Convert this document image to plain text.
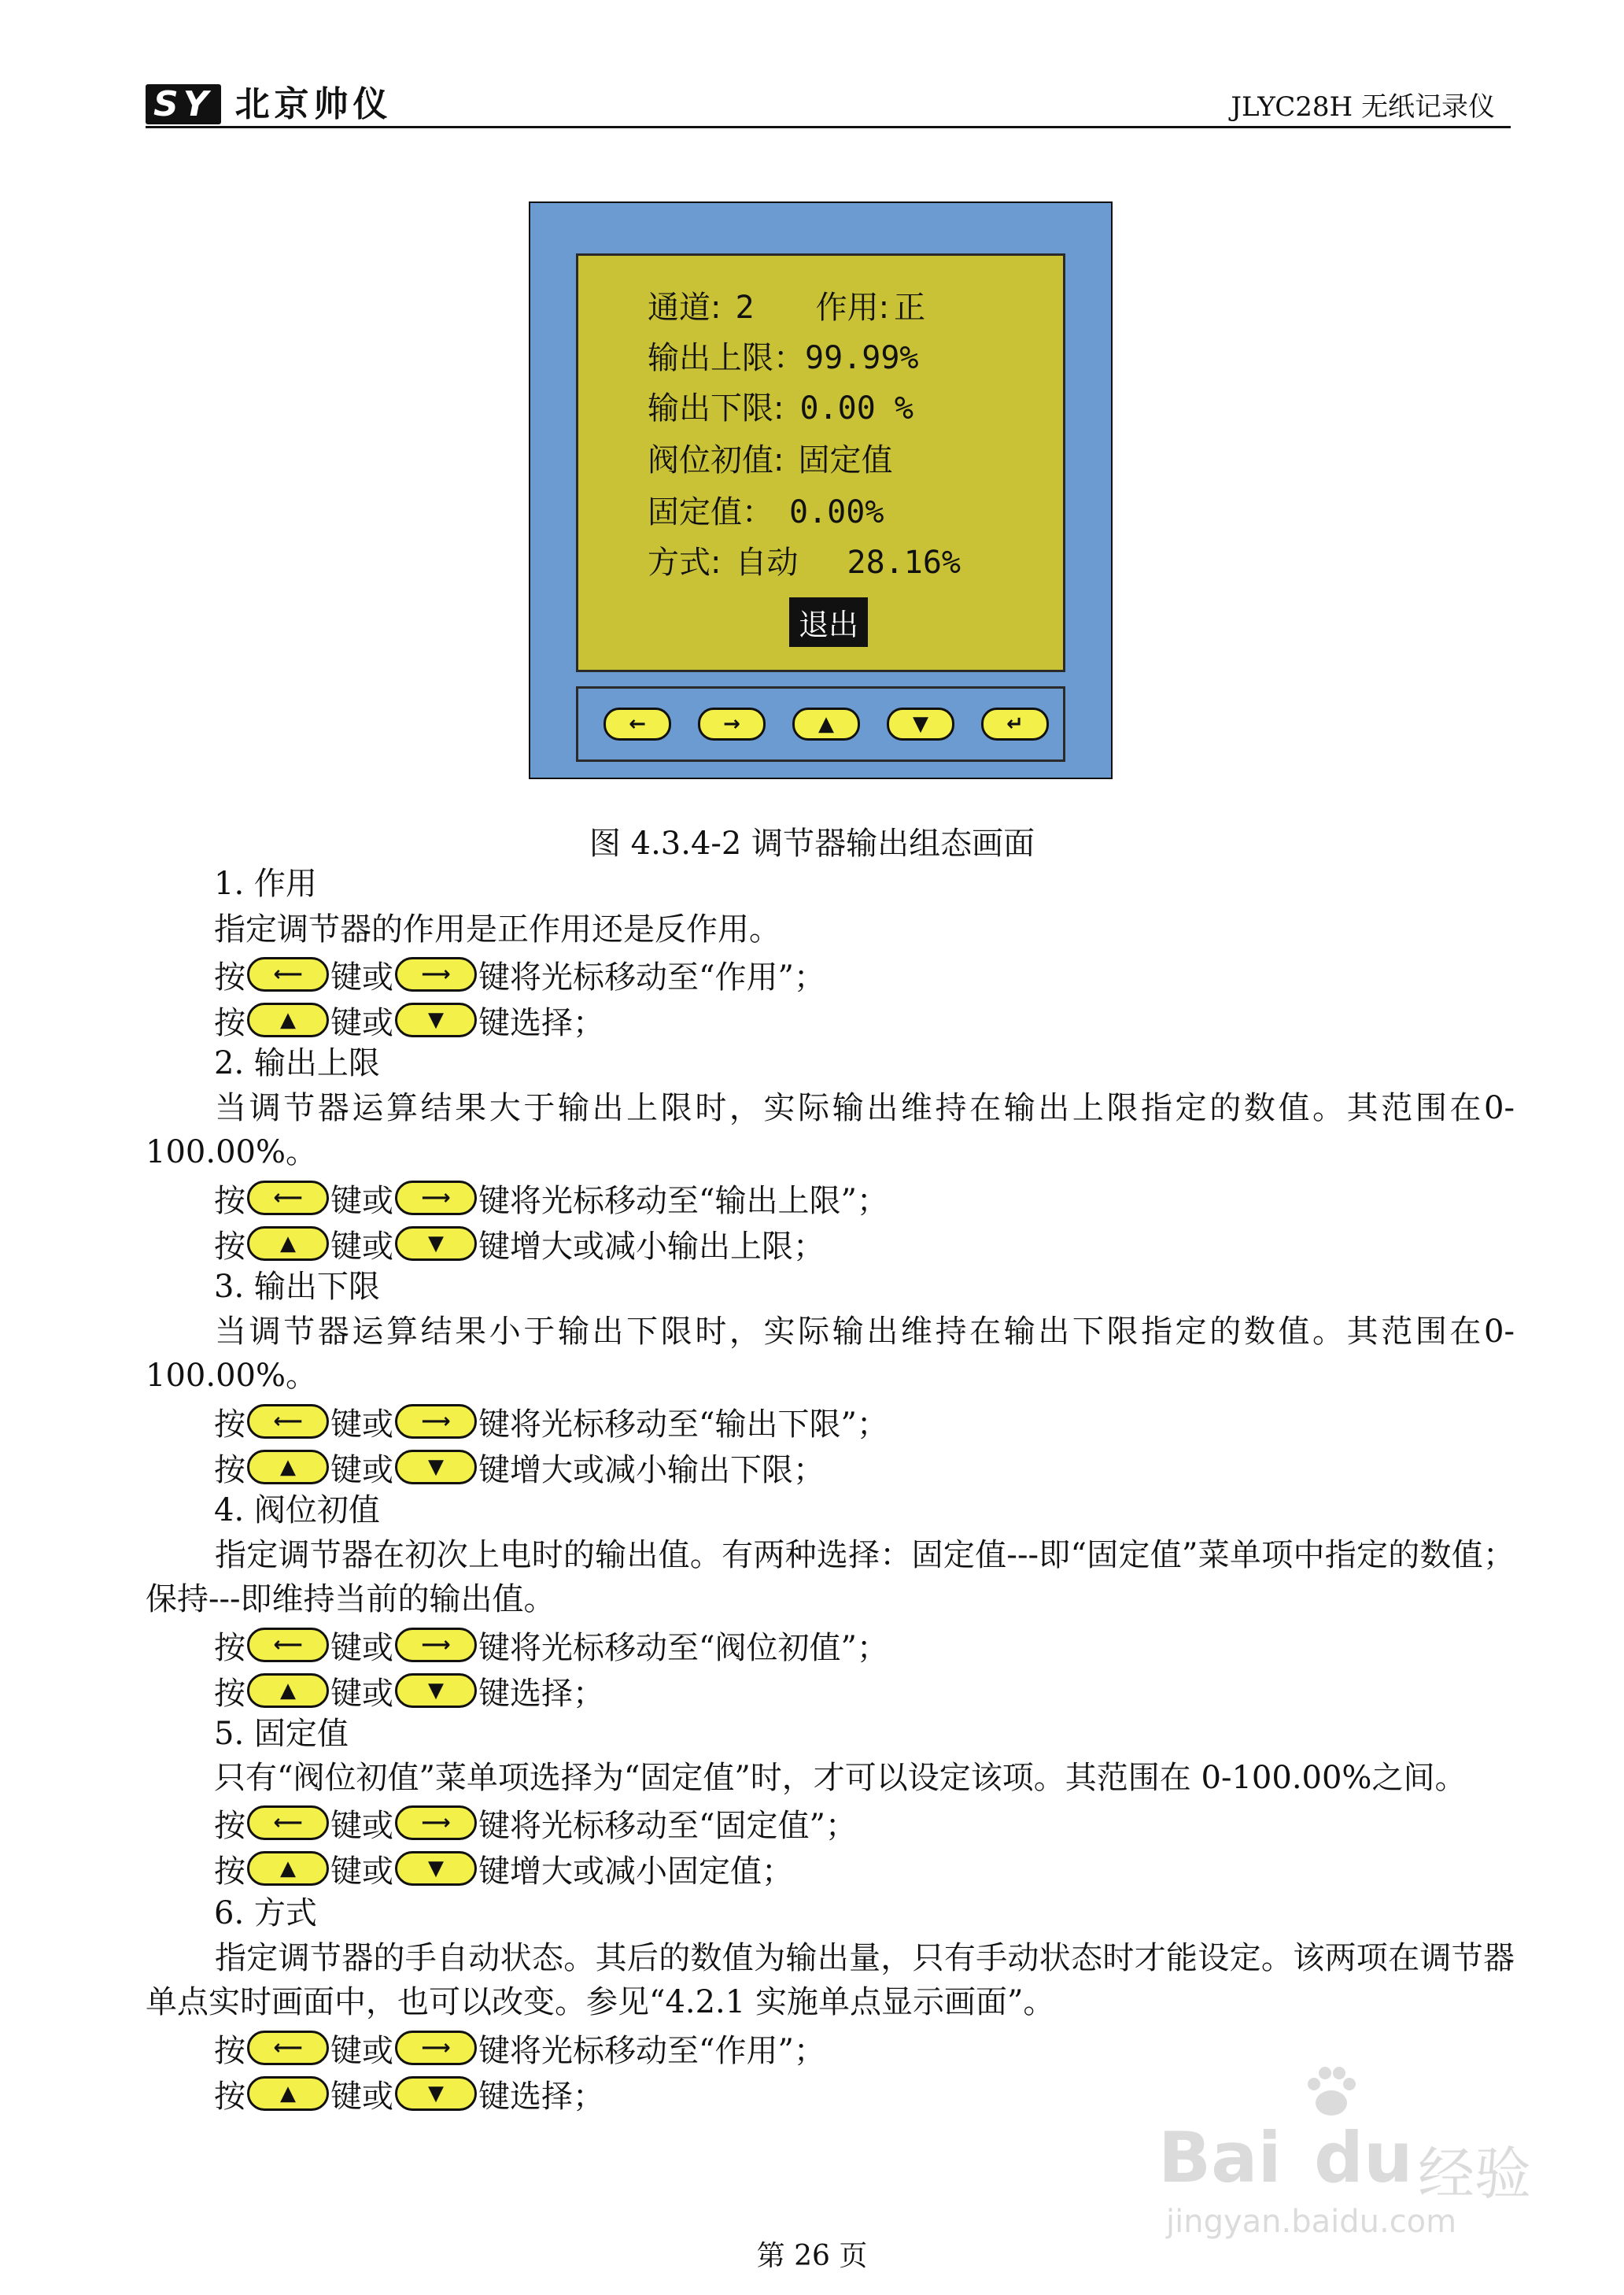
SY 北京帅仪	JLYC28H 无纸记录仪
通道: 2 作用: 正
输出上限：99.99%
输出下限: 0.00 %
阀位初值: 固定值
固定值： 0.00%
方式: 自动 28.16%
退出
←	→	▲	▼	↵
图 4.3.4-2 调节器输出组态画面
1. 作用
指定调节器的作用是正作用还是反作用。
按	⟵ 键或	⟶ 键将光标移动至“作用”；
按	▲	键或	▼	键选择；
2. 输出上限
当调节器运算结果大于输出上限时，实际输出维持在输出上限指定的数值。其范围在0-100.00%。
按	⟵ 键或	⟶ 键将光标移动至“输出上限”；
按	▲	键或	▼	键增大或减小输出上限；
3. 输出下限
当调节器运算结果小于输出下限时，实际输出维持在输出下限指定的数值。其范围在0-100.00%。
按	⟵ 键或	⟶ 键将光标移动至“输出下限”；
按	▲	键或	▼	键增大或减小输出下限；
4. 阀位初值
指定调节器在初次上电时的输出值。有两种选择：固定值---即“固定值”菜单项中指定的数值；保持---即维持当前的输出值。
按	⟵ 键或	⟶ 键将光标移动至“阀位初值”；
按	▲	键或	▼	键选择；
5. 固定值
只有“阀位初值”菜单项选择为“固定值”时，才可以设定该项。其范围在 0-100.00%之间。
按	⟵ 键或	⟶ 键将光标移动至“固定值”；
按	▲	键或	▼	键增大或减小固定值；
6. 方式
指定调节器的手自动状态。其后的数值为输出量，只有手动状态时才能设定。该两项在调节器单点实时画面中，也可以改变。参见“4.2.1 实施单点显示画面”。
按	⟵ 键或	⟶ 键将光标移动至“作用”；
按	▲	键或	▼	键选择；
Bai du 经验
jingyan.baidu.com
第 26 页
